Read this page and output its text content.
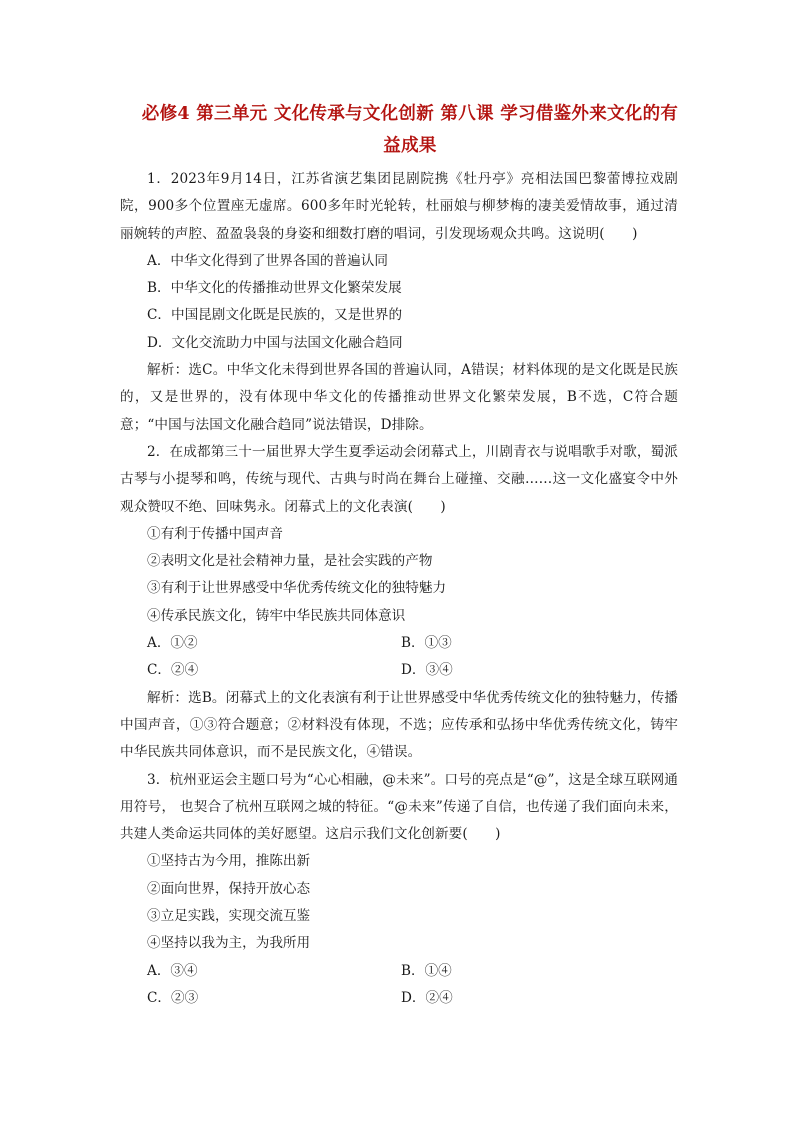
必修4 第三单元 文化传承与文化创新 第八课 学习借鉴外来文化的有益成果

1．2023年9月14日，江苏省演艺集团昆剧院携《牡丹亭》亮相法国巴黎蕾博拉戏剧院，900多个位置座无虚席。600多年时光轮转，杜丽娘与柳梦梅的凄美爱情故事，通过清丽婉转的声腔、盈盈袅袅的身姿和细数打磨的唱词，引发现场观众共鸣。这说明(　　)

A．中华文化得到了世界各国的普遍认同

B．中华文化的传播推动世界文化繁荣发展

C．中国昆剧文化既是民族的，又是世界的

D．文化交流助力中国与法国文化融合趋同

解析：选C。中华文化未得到世界各国的普遍认同，A错误；材料体现的是文化既是民族的，又是世界的，没有体现中华文化的传播推动世界文化繁荣发展，B不选，C符合题意；“中国与法国文化融合趋同”说法错误，D排除。

2．在成都第三十一届世界大学生夏季运动会闭幕式上，川剧青衣与说唱歌手对歌，蜀派古琴与小提琴和鸣，传统与现代、古典与时尚在舞台上碰撞、交融……这一文化盛宴令中外观众赞叹不绝、回味隽永。闭幕式上的文化表演(　　)

①有利于传播中国声音

②表明文化是社会精神力量，是社会实践的产物

③有利于让世界感受中华优秀传统文化的独特魅力

④传承民族文化，铸牢中华民族共同体意识

A．①②	B．①③
C．②④	D．③④

解析：选B。闭幕式上的文化表演有利于让世界感受中华优秀传统文化的独特魅力，传播中国声音，①③符合题意；②材料没有体现，不选；应传承和弘扬中华优秀传统文化，铸牢中华民族共同体意识，而不是民族文化，④错误。

3．杭州亚运会主题口号为“心心相融，@未来”。口号的亮点是“@”，这是全球互联网通用符号， 也契合了杭州互联网之城的特征。“@未来”传递了自信，也传递了我们面向未来，共建人类命运共同体的美好愿望。这启示我们文化创新要(　　)

①坚持古为今用，推陈出新

②面向世界，保持开放心态

③立足实践，实现交流互鉴

④坚持以我为主，为我所用

A．③④	B．①④
C．②③	D．②④
